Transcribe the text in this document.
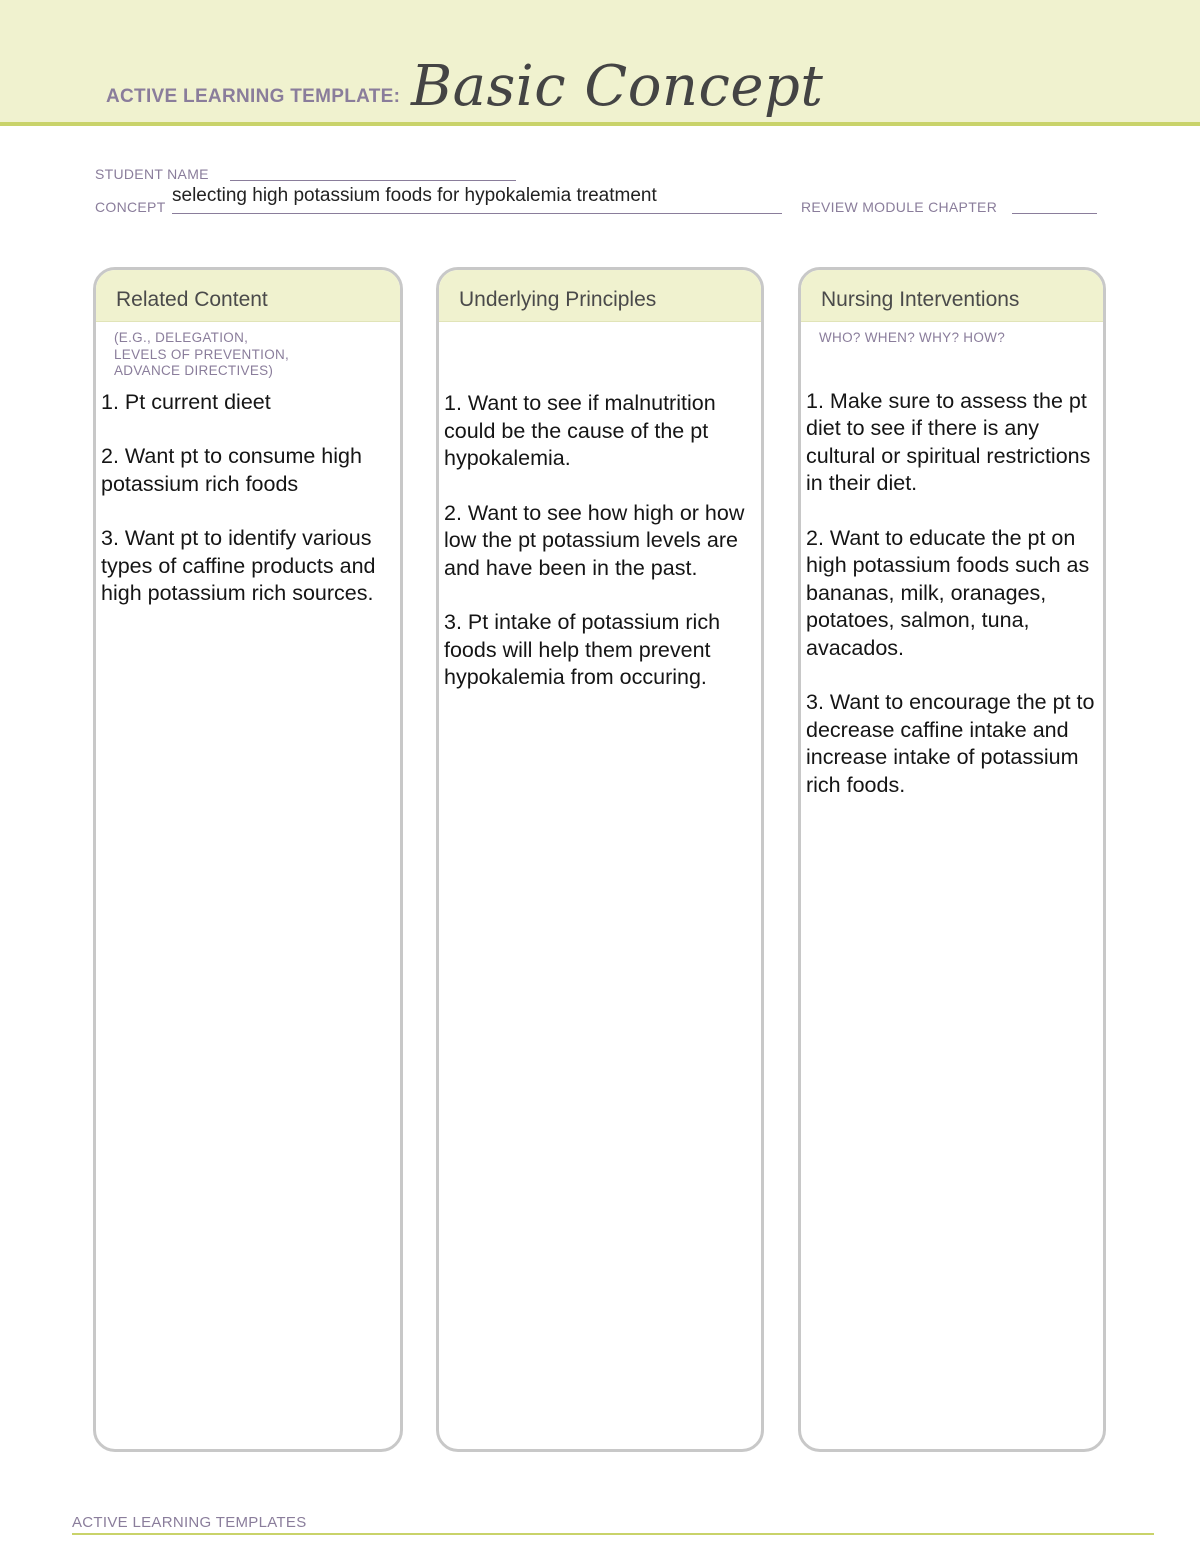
ACTIVE LEARNING TEMPLATE: Basic Concept
STUDENT NAME
CONCEPT
selecting high potassium foods for hypokalemia treatment
REVIEW MODULE CHAPTER
Related Content
(E.G., DELEGATION,
LEVELS OF PREVENTION,
ADVANCE DIRECTIVES)
1. Pt current dieet
2. Want pt to consume high potassium rich foods
3. Want pt to identify various types of caffine products and high potassium rich sources.
Underlying Principles
1. Want to see if malnutrition could be the cause of the pt hypokalemia.
2. Want to see how high or how low the pt potassium levels are and have been in the past.
3. Pt intake of potassium rich foods will help them prevent hypokalemia from occuring.
Nursing Interventions
WHO? WHEN? WHY? HOW?
1. Make sure to assess the pt diet to see if there is any cultural or spiritual restrictions in their diet.
2. Want to educate the pt on high potassium foods such as bananas, milk, oranages, potatoes, salmon, tuna, avacados.
3. Want to encourage the pt to decrease caffine intake and increase intake of potassium rich foods.
ACTIVE LEARNING TEMPLATES
